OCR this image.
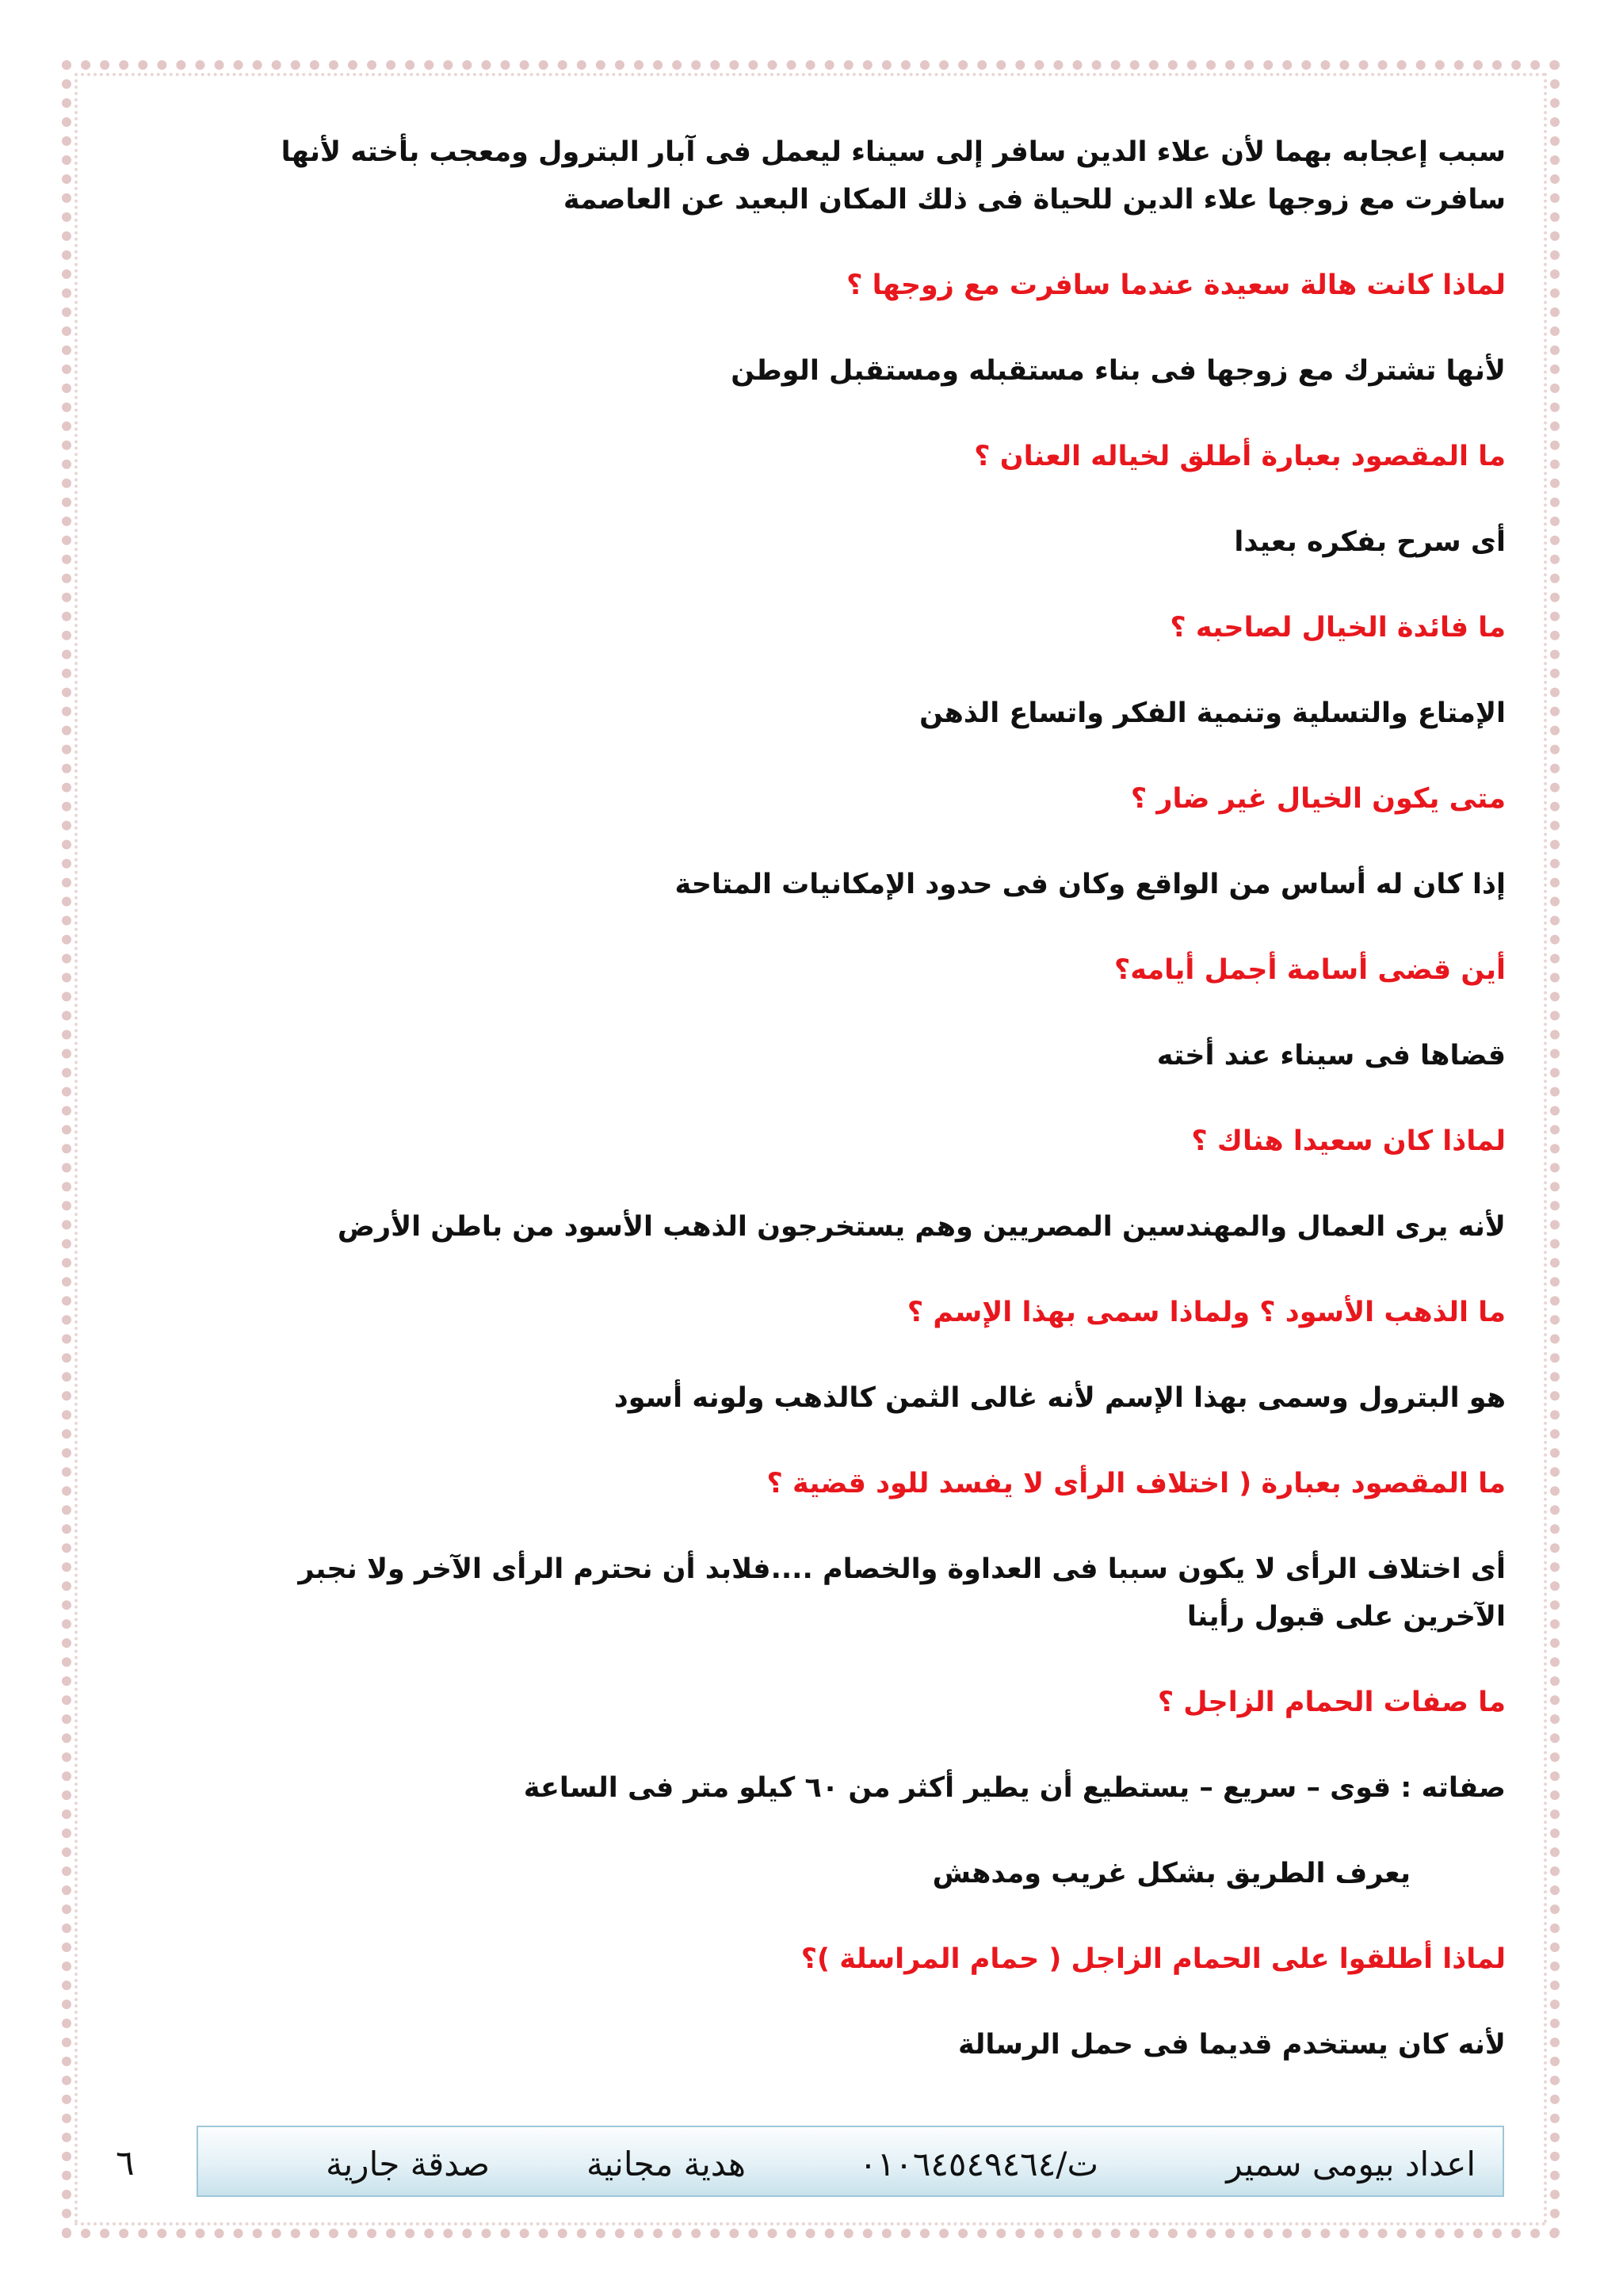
سبب إعجابه بهما لأن علاء الدين سافر إلى سيناء ليعمل فى آبار البترول ومعجب بأخته لأنها

سافرت مع زوجها علاء الدين للحياة فى ذلك المكان البعيد عن العاصمة

لماذا كانت هالة سعيدة عندما سافرت مع زوجها ؟

لأنها تشترك مع زوجها فى بناء مستقبله ومستقبل الوطن

ما المقصود بعبارة أطلق لخياله العنان ؟

أى سرح بفكره بعيدا

ما فائدة الخيال لصاحبه ؟

الإمتاع والتسلية وتنمية الفكر واتساع الذهن

متى يكون الخيال غير ضار ؟

إذا كان له أساس من الواقع وكان فى حدود الإمكانيات المتاحة

أين قضى أسامة أجمل أيامه؟

قضاها فى سيناء عند أخته

لماذا كان سعيدا هناك ؟

لأنه يرى العمال والمهندسين المصريين وهم يستخرجون الذهب الأسود من باطن الأرض

ما الذهب الأسود ؟ ولماذا سمى بهذا الإسم ؟

هو البترول وسمى بهذا الإسم لأنه غالى الثمن كالذهب ولونه أسود

ما المقصود بعبارة ( اختلاف الرأى لا يفسد للود قضية ؟

أى اختلاف الرأى لا يكون سببا فى العداوة والخصام ....فلابد أن نحترم الرأى الآخر ولا نجبر

الآخرين على قبول رأينا

ما صفات الحمام الزاجل ؟

صفاته : قوى – سريع – يستطيع أن يطير أكثر من ٦٠ كيلو متر فى الساعة

يعرف الطريق بشكل غريب ومدهش

لماذا أطلقوا على الحمام الزاجل ( حمام المراسلة )؟

لأنه كان يستخدم قديما فى حمل الرسالة

اعداد بيومى سمير
ت/٠١٠٦٤٥٤٩٤٦٤
هدية مجانية
صدقة جارية
٦
